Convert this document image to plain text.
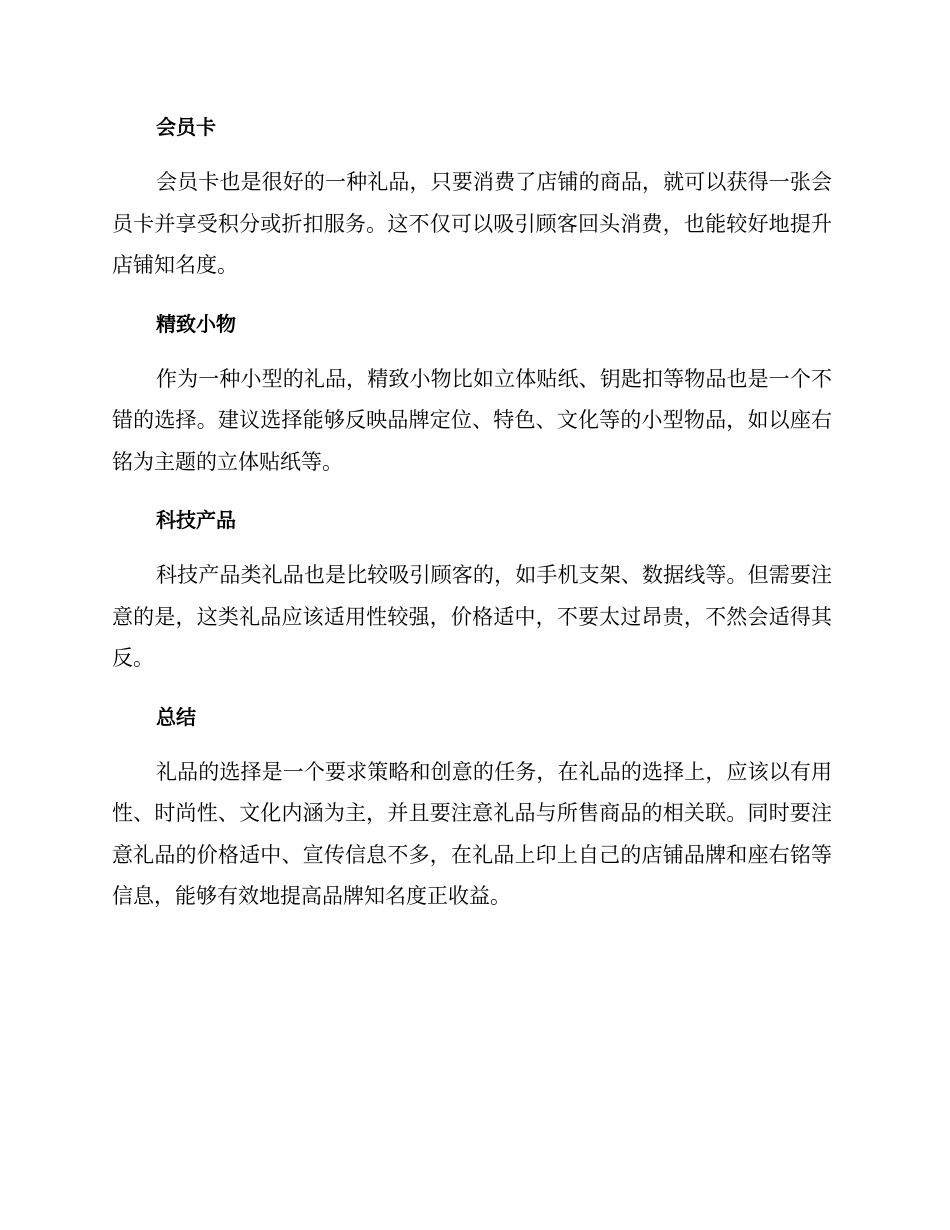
会员卡

会员卡也是很好的一种礼品，只要消费了店铺的商品，就可以获得一张会员卡并享受积分或折扣服务。这不仅可以吸引顾客回头消费，也能较好地提升店铺知名度。

精致小物

作为一种小型的礼品，精致小物比如立体贴纸、钥匙扣等物品也是一个不错的选择。建议选择能够反映品牌定位、特色、文化等的小型物品，如以座右铭为主题的立体贴纸等。

科技产品

科技产品类礼品也是比较吸引顾客的，如手机支架、数据线等。但需要注意的是，这类礼品应该适用性较强，价格适中，不要太过昂贵，不然会适得其反。

总结

礼品的选择是一个要求策略和创意的任务，在礼品的选择上，应该以有用性、时尚性、文化内涵为主，并且要注意礼品与所售商品的相关联。同时要注意礼品的价格适中、宣传信息不多，在礼品上印上自己的店铺品牌和座右铭等信息，能够有效地提高品牌知名度正收益。
